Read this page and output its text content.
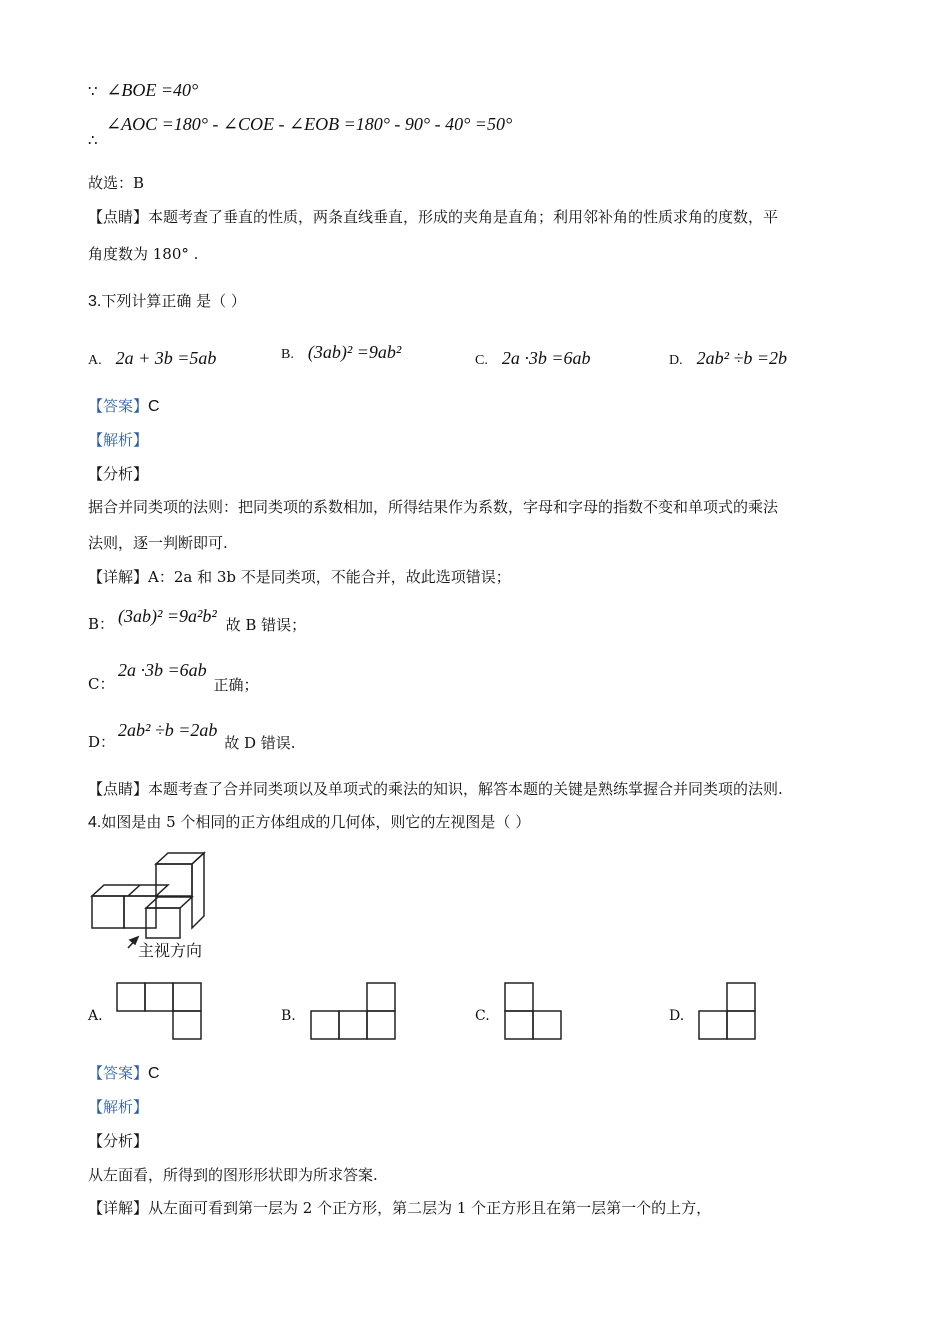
∵ ∠BOE =40°
∠AOC =180° - ∠COE - ∠EOB =180° - 90° - 40° =50°
∴
故选：B
【点睛】本题考查了垂直的性质，两条直线垂直，形成的夹角是直角；利用邻补角的性质求角的度数，平
角度数为 180° .
3.下列计算正确 是（ ）
A. 2a + 3b =5ab	B. (3ab)² =9ab²	C. 2a ·3b =6ab	D. 2ab² ÷b =2b
【答案】C
【解析】
【分析】
据合并同类项的法则：把同类项的系数相加，所得结果作为系数，字母和字母的指数不变和单项式的乘法
法则，逐一判断即可.
【详解】A：2a 和 3b 不是同类项，不能合并，故此选项错误；
B： (3ab)² =9a²b² 故 B 错误；
C：
2a ·3b =6ab 正确；
D：
2ab² ÷b =2ab 故 D 错误.
【点睛】本题考查了合并同类项以及单项式的乘法的知识，解答本题的关键是熟练掌握合并同类项的法则.
4.如图是由 5 个相同的正方体组成的几何体，则它的左视图是（ ）
主视方向
A.	B.	C.	D.
【答案】C
【解析】
【分析】
从左面看，所得到的图形形状即为所求答案.
【详解】从左面可看到第一层为 2 个正方形，第二层为 1 个正方形且在第一层第一个的上方，
